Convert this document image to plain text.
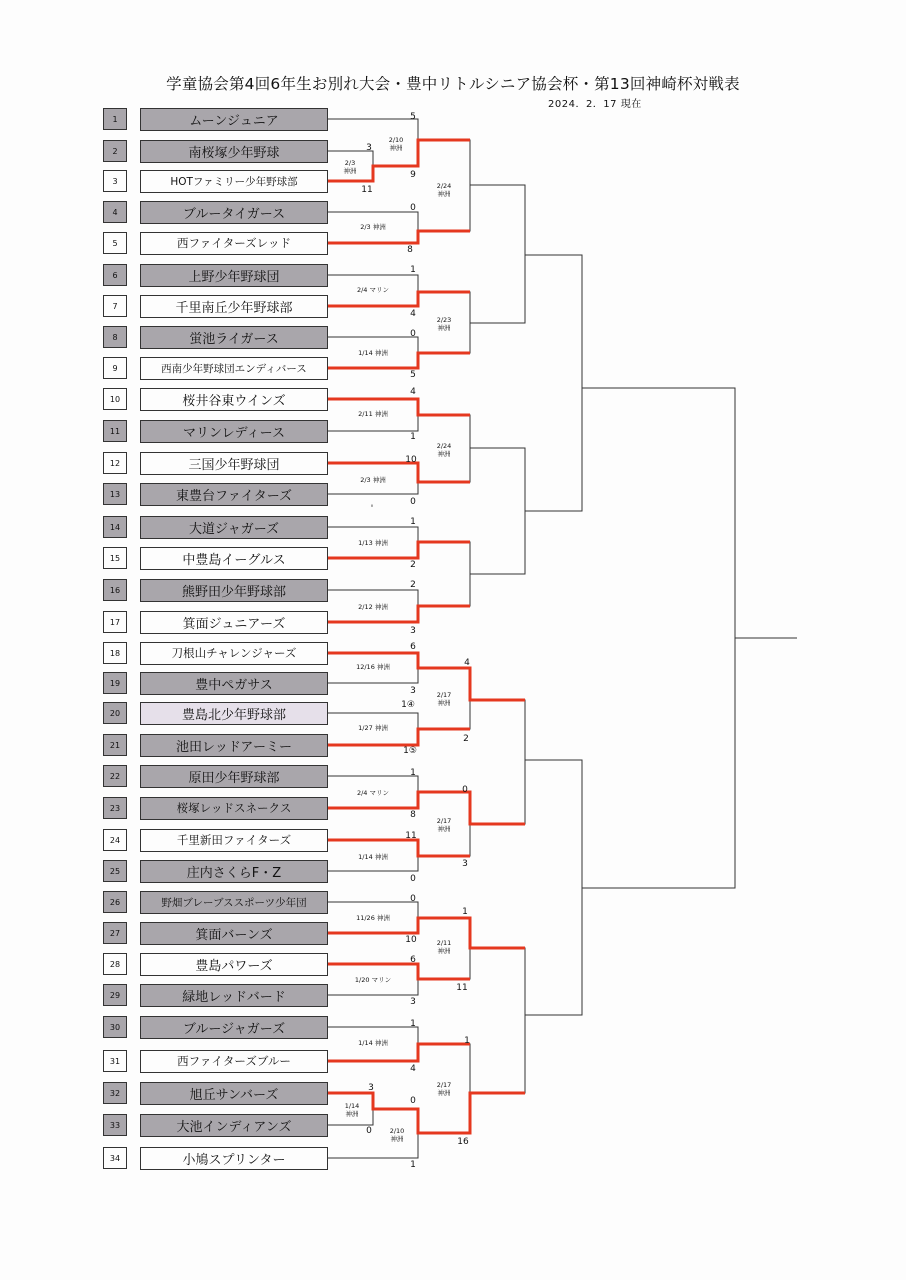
学童協会第4回6年生お別れ大会・豊中リトルシニア協会杯・第13回神崎杯対戦表
2024．2．17 現在
1	ムーンジュニア
2	南桜塚少年野球
3	HOTファミリー少年野球部
4	ブルータイガース
5	西ファイターズレッド
6	上野少年野球団
7	千里南丘少年野球部
8	蛍池ライガース
9	西南少年野球団エンディバース
10	桜井谷東ウインズ
11	マリンレディース
12	三国少年野球団
13	東豊台ファイターズ
14	大道ジャガーズ
15	中豊島イーグルス
16	熊野田少年野球部
17	箕面ジュニアーズ
18	刀根山チャレンジャーズ
19	豊中ペガサス
20	豊島北少年野球部
21	池田レッドアーミー
22	原田少年野球部
23	桜塚レッドスネークス
24	千里新田ファイターズ
25	庄内さくらF・Z
26	野畑ブレーブススポーツ少年団
27	箕面バーンズ
28	豊島パワーズ
29	緑地レッドバード
30	ブルージャガーズ
31	西ファイターズブルー
32	旭丘サンバーズ
33	大池インディアンズ
34	小鳩スプリンター
2/3
神洲
2/10
神洲
2/3 神洲
2/4 マリン
1/14 神洲
2/11 神洲
2/3 神洲
1/13 神洲
2/12 神洲
12/16 神洲
1/27 神洲
2/4 マリン
1/14 神洲
11/26 神洲
1/20 マリン
1/14 神洲
1/14
神洲
2/10
神洲
2/24
神洲
2/23
神洲
2/24
神洲
2/17
神洲
2/17
神洲
2/11
神洲
2/17
神洲
5
3
9
11
0
8
1
4
0
5
4
1
10
0
'
1
2
2
3
6
3
1④
1⑤
4
2
1
8
11
0
0
3
0
10
6
3
1
11
1
4
3
0
0
1
16
1
